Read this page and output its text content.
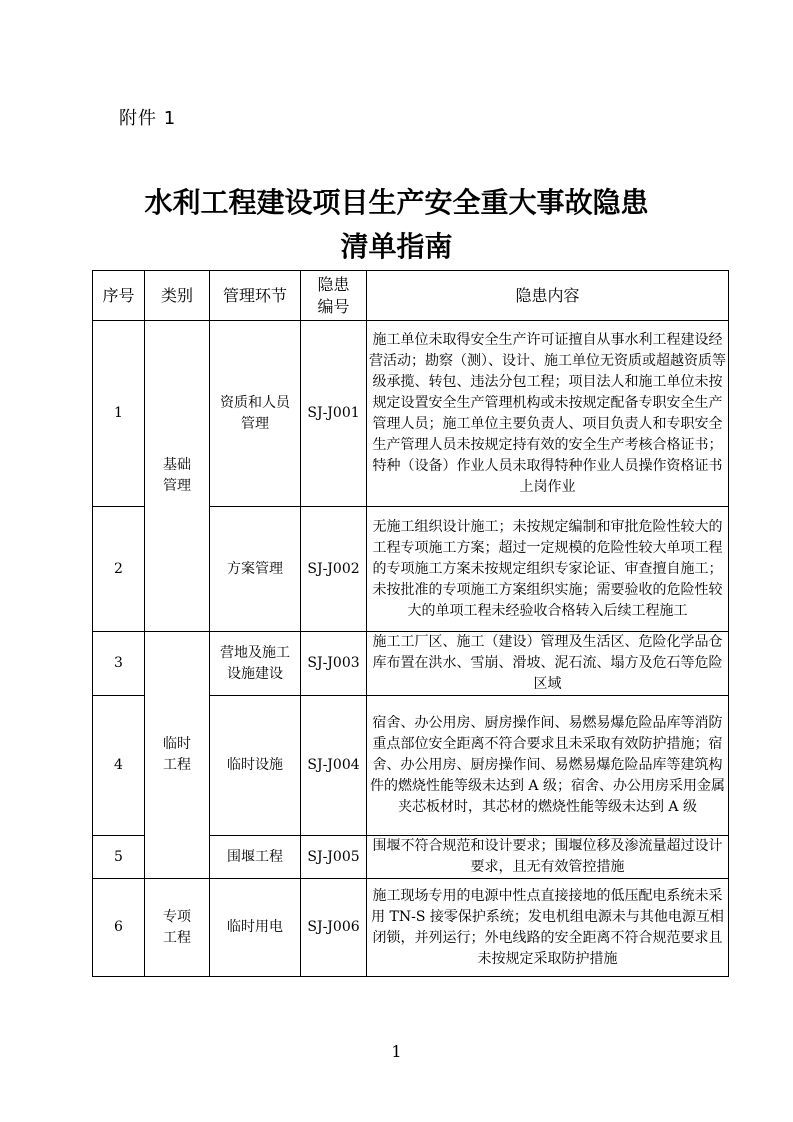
附件 1
水利工程建设项目生产安全重大事故隐患
清单指南
序号	类别	管理环节	隐患编号	隐患内容
1	基础管理	资质和人员管理	SJ-J001	施工单位未取得安全生产许可证擅自从事水利工程建设经营活动；勘察（测）、设计、施工单位无资质或超越资质等级承揽、转包、违法分包工程；项目法人和施工单位未按规定设置安全生产管理机构或未按规定配备专职安全生产管理人员；施工单位主要负责人、项目负责人和专职安全生产管理人员未按规定持有效的安全生产考核合格证书；特种（设备）作业人员未取得特种作业人员操作资格证书上岗作业
2		方案管理	SJ-J002	无施工组织设计施工；未按规定编制和审批危险性较大的工程专项施工方案；超过一定规模的危险性较大单项工程的专项施工方案未按规定组织专家论证、审查擅自施工；未按批准的专项施工方案组织实施；需要验收的危险性较大的单项工程未经验收合格转入后续工程施工
3	临时工程	营地及施工设施建设	SJ-J003	施工工厂区、施工（建设）管理及生活区、危险化学品仓库布置在洪水、雪崩、滑坡、泥石流、塌方及危石等危险区域
4		临时设施	SJ-J004	宿舍、办公用房、厨房操作间、易燃易爆危险品库等消防重点部位安全距离不符合要求且未采取有效防护措施；宿舍、办公用房、厨房操作间、易燃易爆危险品库等建筑构件的燃烧性能等级未达到 A 级；宿舍、办公用房采用金属夹芯板材时，其芯材的燃烧性能等级未达到 A 级
5		围堰工程	SJ-J005	围堰不符合规范和设计要求；围堰位移及渗流量超过设计要求，且无有效管控措施
6	专项工程	临时用电	SJ-J006	施工现场专用的电源中性点直接接地的低压配电系统未采用 TN-S 接零保护系统；发电机组电源未与其他电源互相闭锁，并列运行；外电线路的安全距离不符合规范要求且未按规定采取防护措施
1
